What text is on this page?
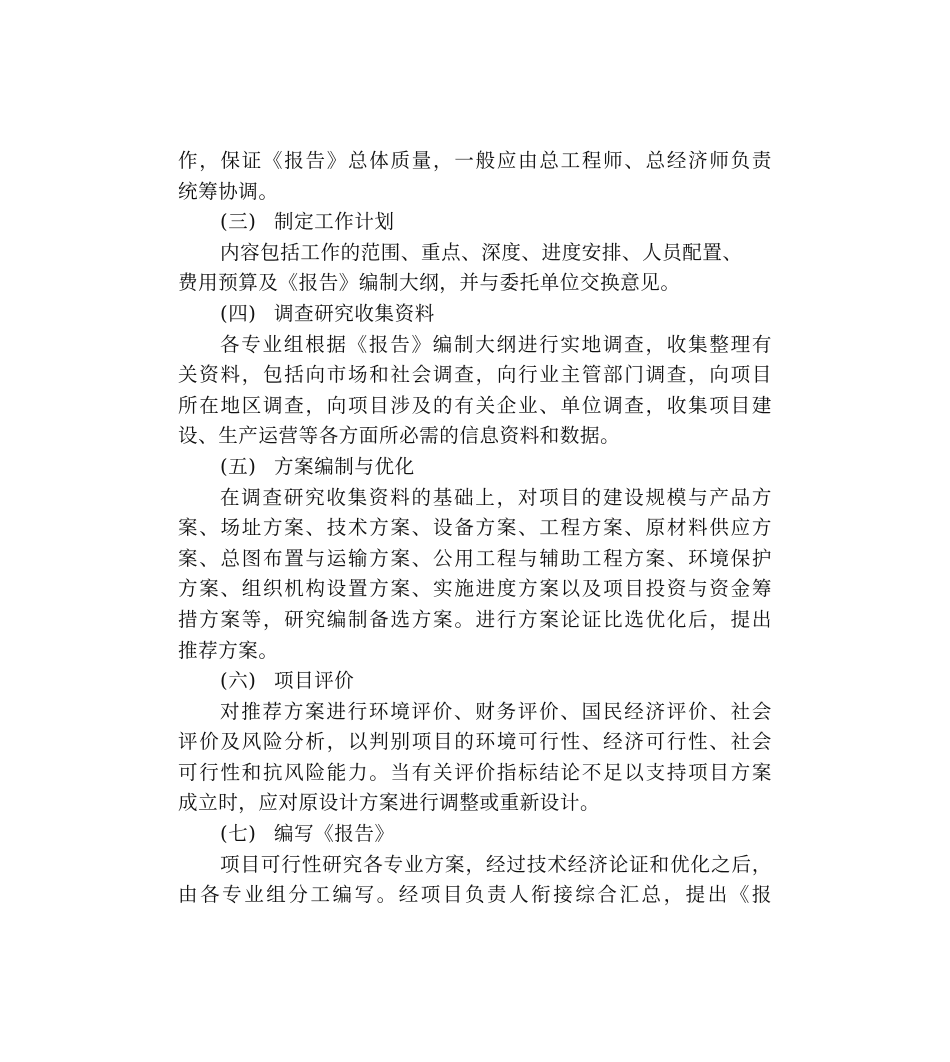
作，保证《报告》总体质量，一般应由总工程师、总经济师负责
统筹协调。
(三) 制定工作计划
内容包括工作的范围、重点、深度、进度安排、人员配置、
费用预算及《报告》编制大纲，并与委托单位交换意见。
(四) 调查研究收集资料
各专业组根据《报告》编制大纲进行实地调查，收集整理有
关资料，包括向市场和社会调查，向行业主管部门调查，向项目
所在地区调查，向项目涉及的有关企业、单位调查，收集项目建
设、生产运营等各方面所必需的信息资料和数据。
(五) 方案编制与优化
在调查研究收集资料的基础上，对项目的建设规模与产品方
案、场址方案、技术方案、设备方案、工程方案、原材料供应方
案、总图布置与运输方案、公用工程与辅助工程方案、环境保护
方案、组织机构设置方案、实施进度方案以及项目投资与资金筹
措方案等，研究编制备选方案。进行方案论证比选优化后，提出
推荐方案。
(六) 项目评价
对推荐方案进行环境评价、财务评价、国民经济评价、社会
评价及风险分析，以判别项目的环境可行性、经济可行性、社会
可行性和抗风险能力。当有关评价指标结论不足以支持项目方案
成立时，应对原设计方案进行调整或重新设计。
(七) 编写《报告》
项目可行性研究各专业方案，经过技术经济论证和优化之后，
由各专业组分工编写。经项目负责人衔接综合汇总，提出《报
